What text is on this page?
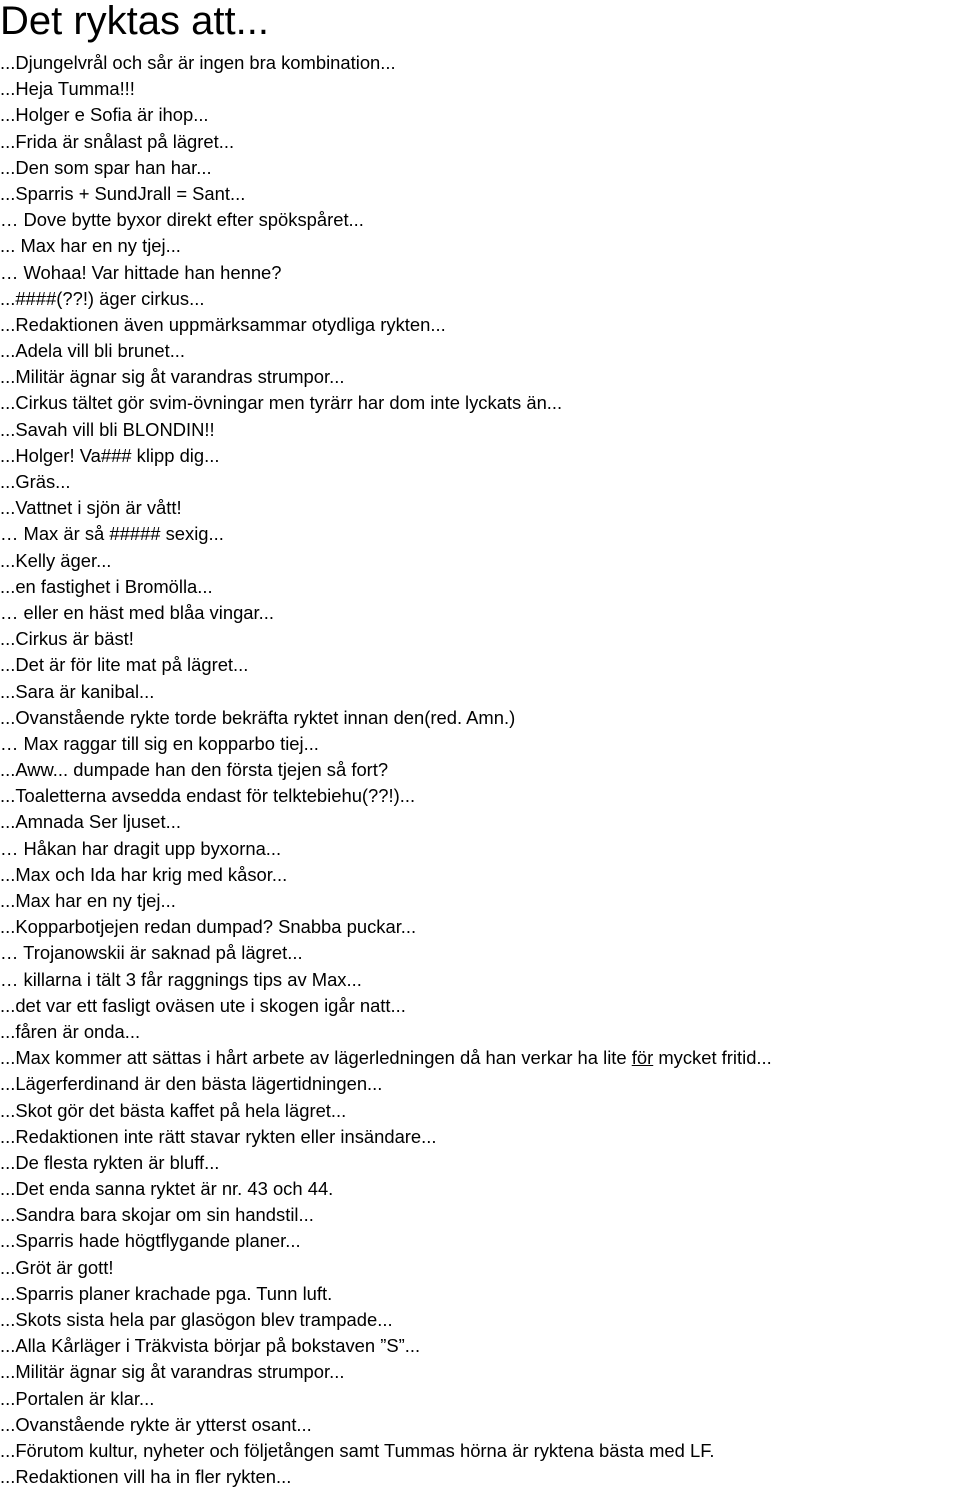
Det ryktas att...
...Djungelvrål och sår är ingen bra kombination...
...Heja Tumma!!!
...Holger e Sofia är ihop...
...Frida är snålast på lägret...
...Den som spar han har...
...Sparris + SundJrall = Sant...
… Dove bytte byxor direkt efter spökspåret...
... Max har en ny tjej...
… Wohaa! Var hittade han henne?
...####(??!) äger cirkus...
...Redaktionen även uppmärksammar otydliga rykten...
...Adela vill bli brunet...
...Militär ägnar sig åt varandras strumpor...
...Cirkus tältet gör svim-övningar men tyrärr har dom inte lyckats än...
...Savah vill bli BLONDIN!!
...Holger! Va### klipp dig...
...Gräs...
...Vattnet i sjön är vått!
… Max är så ##### sexig...
...Kelly äger...
...en fastighet i Bromölla...
… eller en häst med blåa vingar...
...Cirkus är bäst!
...Det är för lite mat på lägret...
...Sara är kanibal...
...Ovanstående rykte torde bekräfta ryktet innan den(red. Amn.)
… Max raggar till sig en kopparbo tiej...
...Aww... dumpade han den första tjejen så fort?
...Toaletterna avsedda endast för telktebiehu(??!)...
...Amnada Ser ljuset...
… Håkan har dragit upp byxorna...
...Max och Ida har krig med kåsor...
...Max har en ny tjej...
...Kopparbotjejen redan dumpad? Snabba puckar...
… Trojanowskii är saknad på lägret...
… killarna i tält 3 får raggnings tips av Max...
...det var ett fasligt oväsen ute i skogen igår natt...
...fåren är onda...
...Max kommer att sättas i hårt arbete av lägerledningen då han verkar ha lite för mycket fritid...
...Lägerferdinand är den bästa lägertidningen...
...Skot gör det bästa kaffet på hela lägret...
...Redaktionen inte rätt stavar rykten eller insändare...
...De flesta rykten är bluff...
...Det enda sanna ryktet är nr. 43 och 44.
...Sandra bara skojar om sin handstil...
...Sparris hade högtflygande planer...
...Gröt är gott!
...Sparris planer krachade pga. Tunn luft.
...Skots sista hela par glasögon blev trampade...
...Alla Kårläger i Träkvista börjar på bokstaven ”S”...
...Militär ägnar sig åt varandras strumpor...
...Portalen är klar...
...Ovanstående rykte är ytterst osant...
...Förutom kultur, nyheter och följetången samt Tummas hörna är ryktena bästa med LF.
...Redaktionen vill ha in fler rykten...
